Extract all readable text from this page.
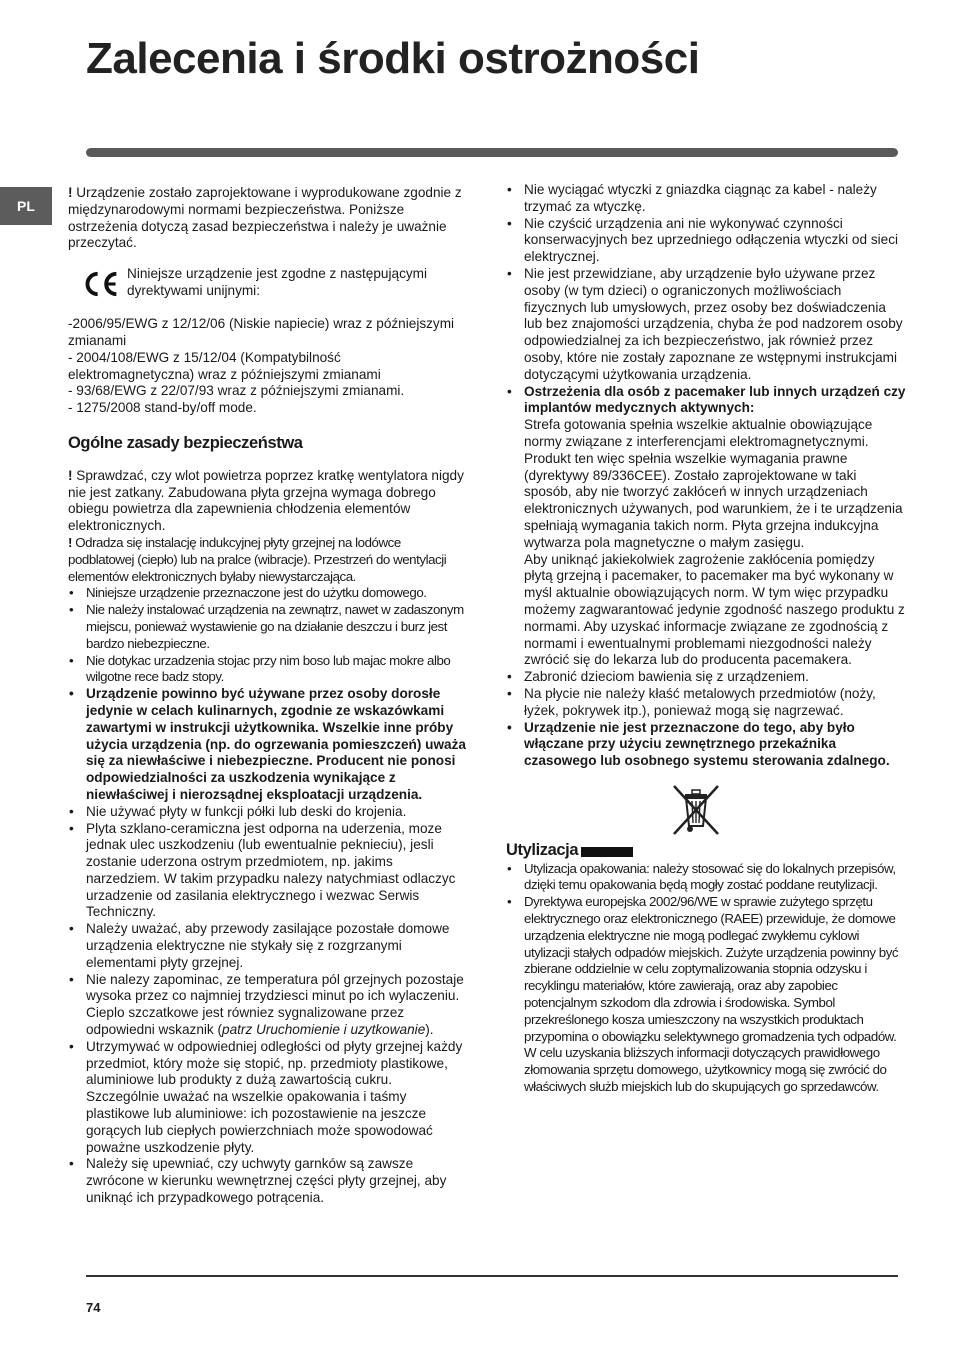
Zalecenia i środki ostrożności
PL

! Urządzenie zostało zaprojektowane i wyprodukowane zgodnie z międzynarodowymi normami bezpieczeństwa. Poniższe ostrzeżenia dotyczą zasad bezpieczeństwa i należy je uważnie przeczytać.

Niniejsze urządzenie jest zgodne z następującymi dyrektywami unijnymi:

-2006/95/EWG z 12/12/06 (Niskie napiecie) wraz z późniejszymi zmianami

- 2004/108/EWG z 15/12/04 (Kompatybilność elektromagnetyczna) wraz z późniejszymi zmianami

- 93/68/EWG z 22/07/93 wraz z późniejszymi zmianami.

- 1275/2008 stand-by/off mode.

Ogólne zasady bezpieczeństwa

! Sprawdzać, czy wlot powietrza poprzez kratkę wentylatora nigdy nie jest zatkany. Zabudowana płyta grzejna wymaga dobrego obiegu powietrza dla zapewnienia chłodzenia elementów elektronicznych.

! Odradza się instalację indukcyjnej płyty grzejnej na lodówce podblatowej (ciepło) lub na pralce (wibracje). Przestrzeń do wentylacji elementów elektronicznych byłaby niewystarczająca.

• Niniejsze urządzenie przeznaczone jest do użytku domowego.
• Nie należy instalować urządzenia na zewnątrz, nawet w zadaszonym miejscu, ponieważ wystawienie go na działanie deszczu i burz jest bardzo niebezpieczne.
• Nie dotykac urzadzenia stojac przy nim boso lub majac mokre albo wilgotne rece badz stopy.
• Urządzenie powinno być używane przez osoby dorosłe jedynie w celach kulinarnych, zgodnie ze wskazówkami zawartymi w instrukcji użytkownika. Wszelkie inne próby użycia urządzenia (np. do ogrzewania pomieszczeń) uważa się za niewłaściwe i niebezpieczne. Producent nie ponosi odpowiedzialności za uszkodzenia wynikające z niewłaściwej i nierozsądnej eksploatacji urządzenia.
• Nie używać płyty w funkcji półki lub deski do krojenia.
• Plyta szklano-ceramiczna jest odporna na uderzenia, moze jednak ulec uszkodzeniu (lub ewentualnie peknieciu), jesli zostanie uderzona ostrym przedmiotem, np. jakims narzedziem. W takim przypadku nalezy natychmiast odlaczyc urzadzenie od zasilania elektrycznego i wezwac Serwis Techniczny.
• Należy uważać, aby przewody zasilające pozostałe domowe urządzenia elektryczne nie stykały się z rozgrzanymi elementami płyty grzejnej.
• Nie nalezy zapominac, ze temperatura pól grzejnych pozostaje wysoka przez co najmniej trzydziesci minut po ich wylaczeniu. Cieplo szczatkowe jest równiez sygnalizowane przez odpowiedni wskaznik (patrz Uruchomienie i uzytkowanie).
• Utrzymywać w odpowiedniej odległości od płyty grzejnej każdy przedmiot, który może się stopić, np. przedmioty plastikowe, aluminiowe lub produkty z dużą zawartością cukru. Szczególnie uważać na wszelkie opakowania i taśmy plastikowe lub aluminiowe: ich pozostawienie na jeszcze gorących lub ciepłych powierzchniach może spowodować poważne uszkodzenie płyty.
• Należy się upewniać, czy uchwyty garnków są zawsze zwrócone w kierunku wewnętrznej części płyty grzejnej, aby uniknąć ich przypadkowego potrącenia.
• Nie wyciągać wtyczki z gniazdka ciągnąc za kabel - należy trzymać za wtyczkę.
• Nie czyścić urządzenia ani nie wykonywać czynności konserwacyjnych bez uprzedniego odłączenia wtyczki od sieci elektrycznej.
• Nie jest przewidziane, aby urządzenie było używane przez osoby (w tym dzieci) o ograniczonych możliwościach fizycznych lub umysłowych, przez osoby bez doświadczenia lub bez znajomości urządzenia, chyba że pod nadzorem osoby odpowiedzialnej za ich bezpieczeństwo, jak również przez osoby, które nie zostały zapoznane ze wstępnymi instrukcjami dotyczącymi użytkowania urządzenia.

• Ostrzeżenia dla osób z pacemaker lub innych urządzeń czy implantów medycznych aktywnych:

Strefa gotowania spełnia wszelkie aktualnie obowiązujące normy związane z interferencjami elektromagnetycznymi.

Produkt ten więc spełnia wszelkie wymagania prawne (dyrektywy 89/336CEE). Zostało zaprojektowane w taki sposób, aby nie tworzyć zakłóceń w innych urządzeniach elektronicznych używanych, pod warunkiem, że i te urządzenia spełniają wymagania takich norm. Płyta grzejna indukcyjna wytwarza pola magnetyczne o małym zasięgu.

Aby uniknąć jakiekolwiek zagrożenie zakłócenia pomiędzy płytą grzejną i pacemaker, to pacemaker ma być wykonany w myśl aktualnie obowiązujących norm. W tym więc przypadku możemy zagwarantować jedynie zgodność naszego produktu z normami. Aby uzyskać informacje związane ze zgodnością z normami i ewentualnymi problemami niezgodności należy zwrócić się do lekarza lub do producenta pacemakera.

• Zabronić dzieciom bawienia się z urządzeniem.
• Na płycie nie należy kłaść metalowych przedmiotów (noży, łyżek, pokrywek itp.), ponieważ mogą się nagrzewać.
• Urządzenie nie jest przeznaczone do tego, aby było włączane przy użyciu zewnętrznego przekaźnika czasowego lub osobnego systemu sterowania zdalnego.
Utylizacja
• Utylizacja opakowania: należy stosować się do lokalnych przepisów, dzięki temu opakowania będą mogły zostać poddane reutylizacji.

• Dyrektywa europejska 2002/96/WE w sprawie zużytego sprzętu elektrycznego oraz elektronicznego (RAEE) przewiduje, że domowe urządzenia elektryczne nie mogą podlegać zwykłemu cyklowi utylizacji stałych odpadów miejskich. Zużyte urządzenia powinny być zbierane oddzielnie w celu zoptymalizowania stopnia odzysku i recyklingu materiałów, które zawierają, oraz aby zapobiec potencjalnym szkodom dla zdrowia i środowiska. Symbol przekreślonego kosza umieszczony na wszystkich produktach przypomina o obowiązku selektywnego gromadzenia tych odpadów.

W celu uzyskania bliższych informacji dotyczących prawidłowego złomowania sprzętu domowego, użytkownicy mogą się zwrócić do właściwych służb miejskich lub do skupujących go sprzedawców.

74
